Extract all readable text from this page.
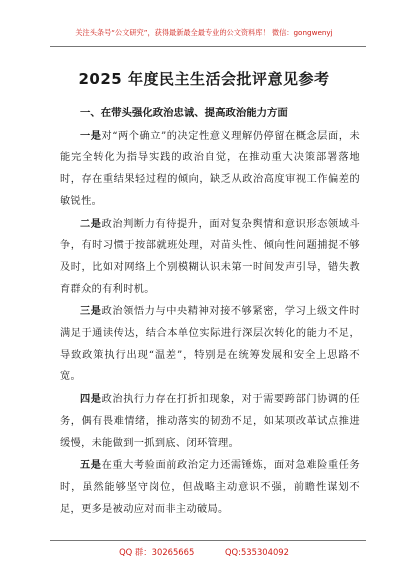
关注头条号“公文研究”，获得最新最全最专业的公文资料库！ 微信：gongwenyj
2025 年度民主生活会批评意见参考
一、在带头强化政治忠诚、提高政治能力方面

一是对“两个确立”的决定性意义理解仍停留在概念层面，未能完全转化为指导实践的政治自觉，在推动重大决策部署落地时，存在重结果轻过程的倾向，缺乏从政治高度审视工作偏差的敏锐性。

二是政治判断力有待提升，面对复杂舆情和意识形态领域斗争，有时习惯于按部就班处理，对苗头性、倾向性问题捕捉不够及时，比如对网络上个别模糊认识未第一时间发声引导，错失教育群众的有利时机。

三是政治领悟力与中央精神对接不够紧密，学习上级文件时满足于通读传达，结合本单位实际进行深层次转化的能力不足，导致政策执行出现“温差”，特别是在统筹发展和安全上思路不宽。

四是政治执行力存在打折扣现象，对于需要跨部门协调的任务，偶有畏难情绪，推动落实的韧劲不足，如某项改革试点推进缓慢，未能做到一抓到底、闭环管理。

五是在重大考验面前政治定力还需锤炼，面对急难险重任务时，虽然能够坚守岗位，但战略主动意识不强，前瞻性谋划不足，更多是被动应对而非主动破局。

QQ 群：30265665	QQ:535304092
